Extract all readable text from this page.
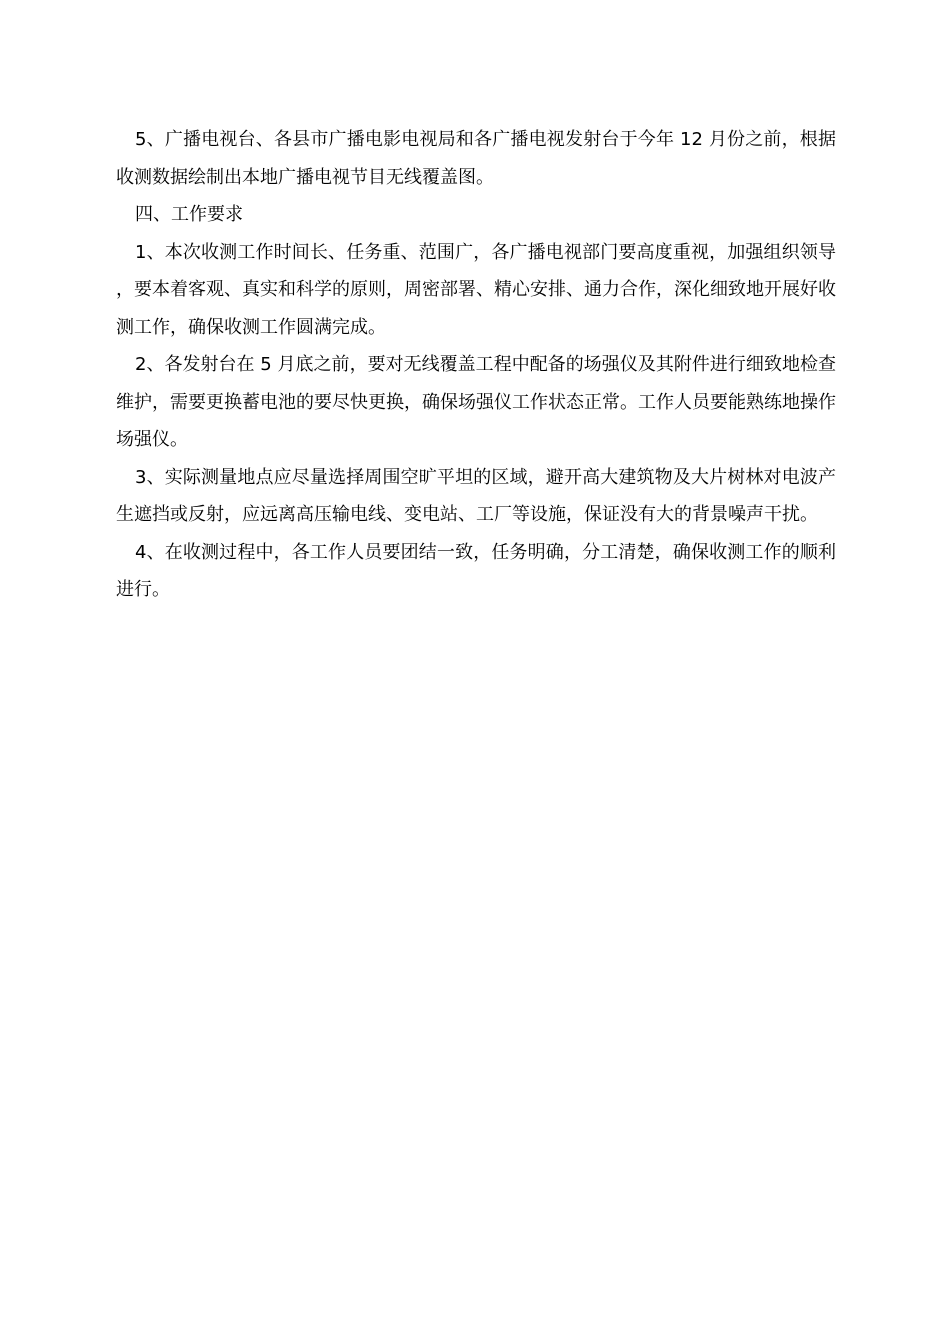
5、广播电视台、各县市广播电影电视局和各广播电视发射台于今年 12 月份之前，根据收测数据绘制出本地广播电视节目无线覆盖图。

四、工作要求

1、本次收测工作时间长、任务重、范围广，各广播电视部门要高度重视，加强组织领导，要本着客观、真实和科学的原则，周密部署、精心安排、通力合作，深化细致地开展好收测工作，确保收测工作圆满完成。

2、各发射台在 5 月底之前，要对无线覆盖工程中配备的场强仪及其附件进行细致地检查维护，需要更换蓄电池的要尽快更换，确保场强仪工作状态正常。工作人员要能熟练地操作场强仪。

3、实际测量地点应尽量选择周围空旷平坦的区域，避开高大建筑物及大片树林对电波产生遮挡或反射，应远离高压输电线、变电站、工厂等设施，保证没有大的背景噪声干扰。

4、在收测过程中，各工作人员要团结一致，任务明确，分工清楚，确保收测工作的顺利进行。
